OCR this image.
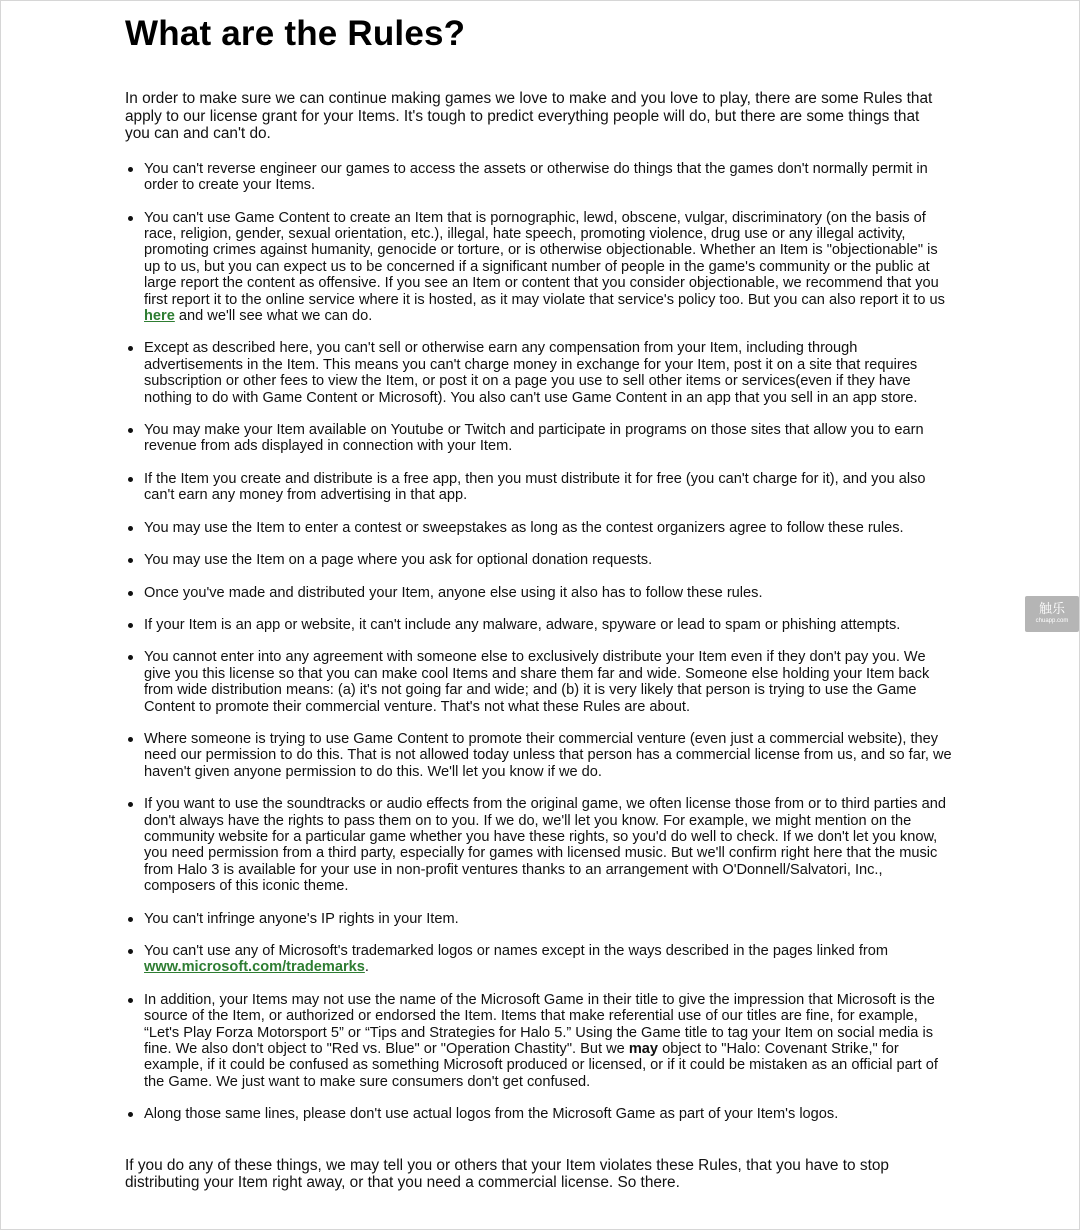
What are the Rules?

In order to make sure we can continue making games we love to make and you love to play, there are some Rules that apply to our license grant for your Items. It's tough to predict everything people will do, but there are some things that you can and can't do.

You can't reverse engineer our games to access the assets or otherwise do things that the games don't normally permit in order to create your Items.
You can't use Game Content to create an Item that is pornographic, lewd, obscene, vulgar, discriminatory (on the basis of race, religion, gender, sexual orientation, etc.), illegal, hate speech, promoting violence, drug use or any illegal activity, promoting crimes against humanity, genocide or torture, or is otherwise objectionable. Whether an Item is "objectionable" is up to us, but you can expect us to be concerned if a significant number of people in the game's community or the public at large report the content as offensive. If you see an Item or content that you consider objectionable, we recommend that you first report it to the online service where it is hosted, as it may violate that service's policy too. But you can also report it to us here and we'll see what we can do.
Except as described here, you can't sell or otherwise earn any compensation from your Item, including through advertisements in the Item. This means you can't charge money in exchange for your Item, post it on a site that requires subscription or other fees to view the Item, or post it on a page you use to sell other items or services(even if they have nothing to do with Game Content or Microsoft). You also can't use Game Content in an app that you sell in an app store.
You may make your Item available on Youtube or Twitch and participate in programs on those sites that allow you to earn revenue from ads displayed in connection with your Item.
If the Item you create and distribute is a free app, then you must distribute it for free (you can't charge for it), and you also can't earn any money from advertising in that app.
You may use the Item to enter a contest or sweepstakes as long as the contest organizers agree to follow these rules.
You may use the Item on a page where you ask for optional donation requests.
Once you've made and distributed your Item, anyone else using it also has to follow these rules.
If your Item is an app or website, it can't include any malware, adware, spyware or lead to spam or phishing attempts.
You cannot enter into any agreement with someone else to exclusively distribute your Item even if they don't pay you. We give you this license so that you can make cool Items and share them far and wide. Someone else holding your Item back from wide distribution means: (a) it's not going far and wide; and (b) it is very likely that person is trying to use the Game Content to promote their commercial venture. That's not what these Rules are about.
Where someone is trying to use Game Content to promote their commercial venture (even just a commercial website), they need our permission to do this. That is not allowed today unless that person has a commercial license from us, and so far, we haven't given anyone permission to do this. We'll let you know if we do.
If you want to use the soundtracks or audio effects from the original game, we often license those from or to third parties and don't always have the rights to pass them on to you. If we do, we'll let you know. For example, we might mention on the community website for a particular game whether you have these rights, so you'd do well to check. If we don't let you know, you need permission from a third party, especially for games with licensed music. But we'll confirm right here that the music from Halo 3 is available for your use in non-profit ventures thanks to an arrangement with O'Donnell/Salvatori, Inc., composers of this iconic theme.
You can't infringe anyone's IP rights in your Item.
You can't use any of Microsoft's trademarked logos or names except in the ways described in the pages linked from www.microsoft.com/trademarks.
In addition, your Items may not use the name of the Microsoft Game in their title to give the impression that Microsoft is the source of the Item, or authorized or endorsed the Item. Items that make referential use of our titles are fine, for example, “Let's Play Forza Motorsport 5” or “Tips and Strategies for Halo 5.” Using the Game title to tag your Item on social media is fine. We also don't object to "Red vs. Blue" or "Operation Chastity". But we may object to "Halo: Covenant Strike," for example, if it could be confused as something Microsoft produced or licensed, or if it could be mistaken as an official part of the Game. We just want to make sure consumers don't get confused.
Along those same lines, please don't use actual logos from the Microsoft Game as part of your Item's logos.

If you do any of these things, we may tell you or others that your Item violates these Rules, that you have to stop distributing your Item right away, or that you need a commercial license. So there.

触乐
chuapp.com
